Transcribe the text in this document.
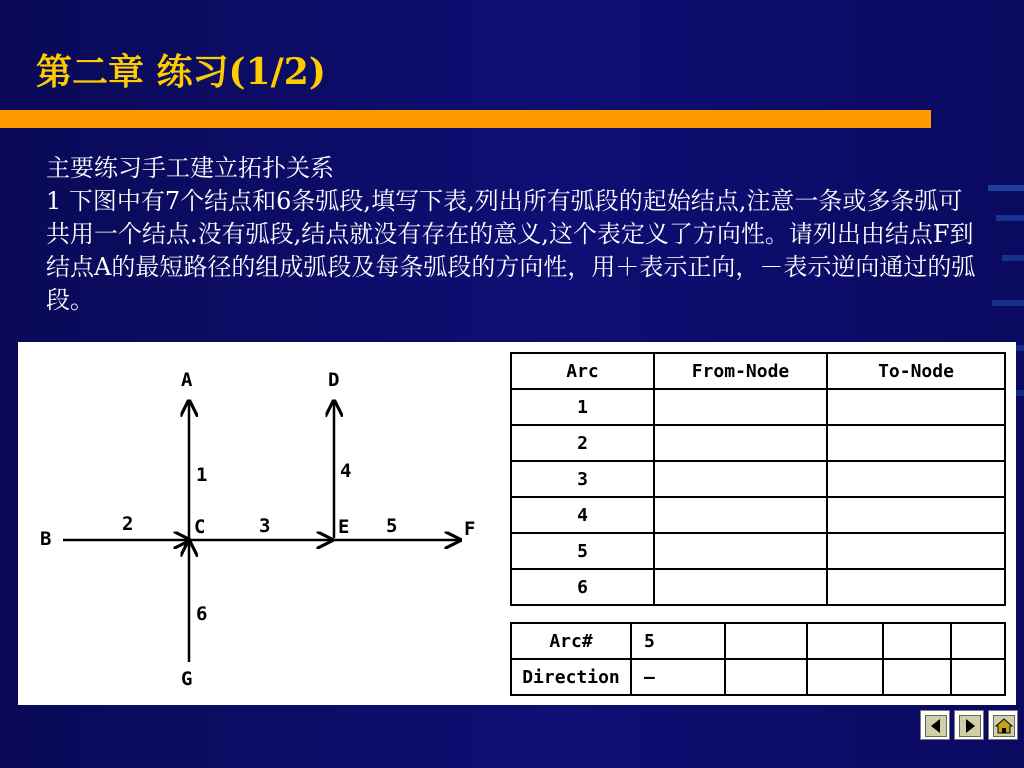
第二章 练习(1/2)

主要练习手工建立拓扑关系

1 下图中有7个结点和6条弧段,填写下表,列出所有弧段的起始结点,注意一条或多条弧可共用一个结点.没有弧段,结点就没有存在的意义,这个表定义了方向性。请列出由结点F到结点A的最短路径的组成弧段及每条弧段的方向性，用＋表示正向，－表示逆向通过的弧段。

A
B
C
D
E	F
G
1
2	3
4
5
6
Arc	From-Node	To-Node
1		
2		
3		
4		
5		
6		
Arc#	5				
Direction	—				
